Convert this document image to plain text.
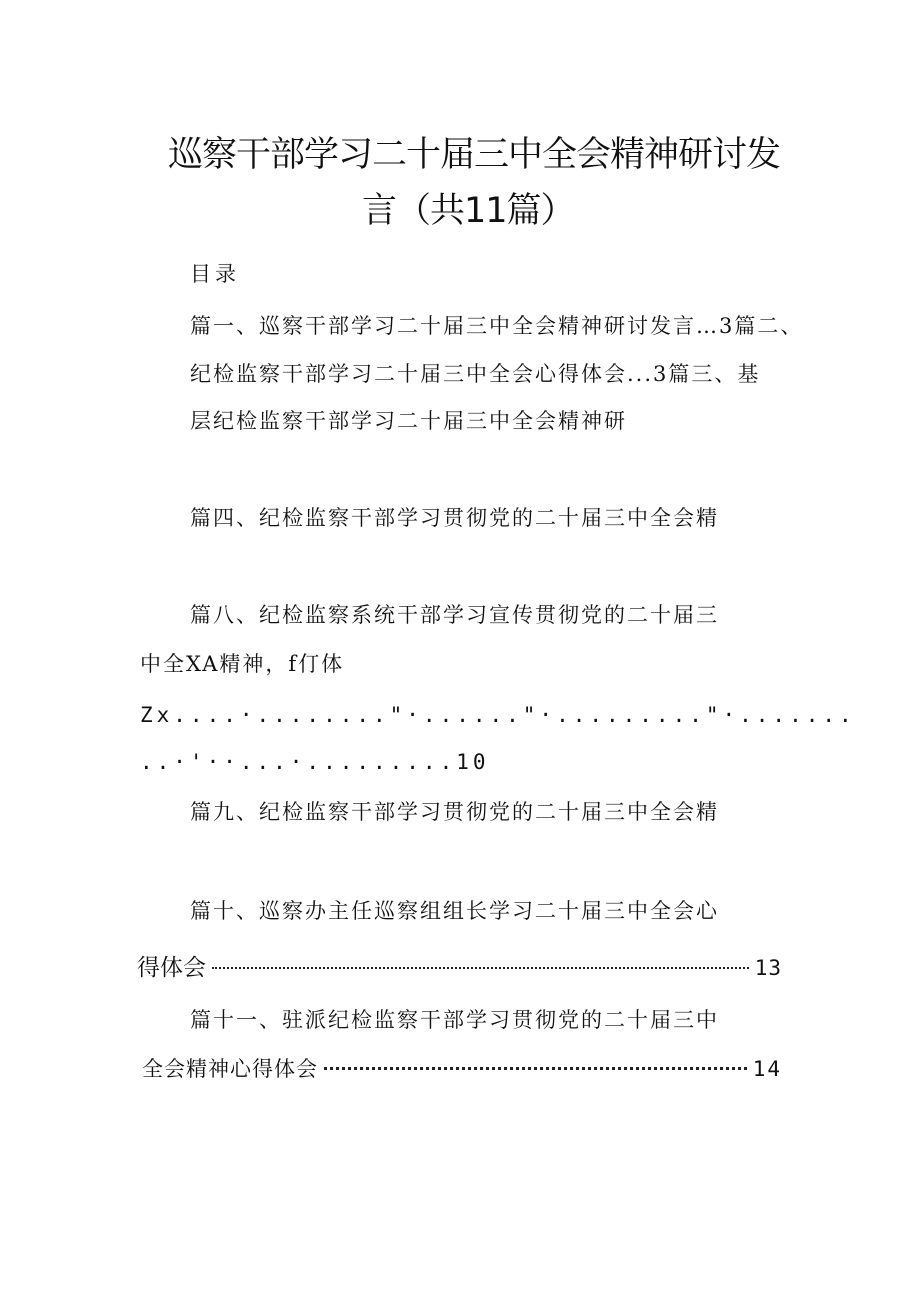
巡察干部学习二十届三中全会精神研讨发
言（共11篇）
目录
篇一、巡察干部学习二十届三中全会精神研讨发言…3篇二、
纪检监察干部学习二十届三中全会心得体会...3篇三、基
层纪检监察干部学习二十届三中全会精神研
篇四、纪检监察干部学习贯彻党的二十届三中全会精
篇八、纪检监察系统干部学习宣传贯彻党的二十届三
中全XA精神，f仃体
Zx....·........"·......"·........."·.......
..·'··...·.........10
篇九、纪检监察干部学习贯彻党的二十届三中全会精
篇十、巡察办主任巡察组组长学习二十届三中全会心
得体会	13
篇十一、驻派纪检监察干部学习贯彻党的二十届三中
全会精神心得体会	14
